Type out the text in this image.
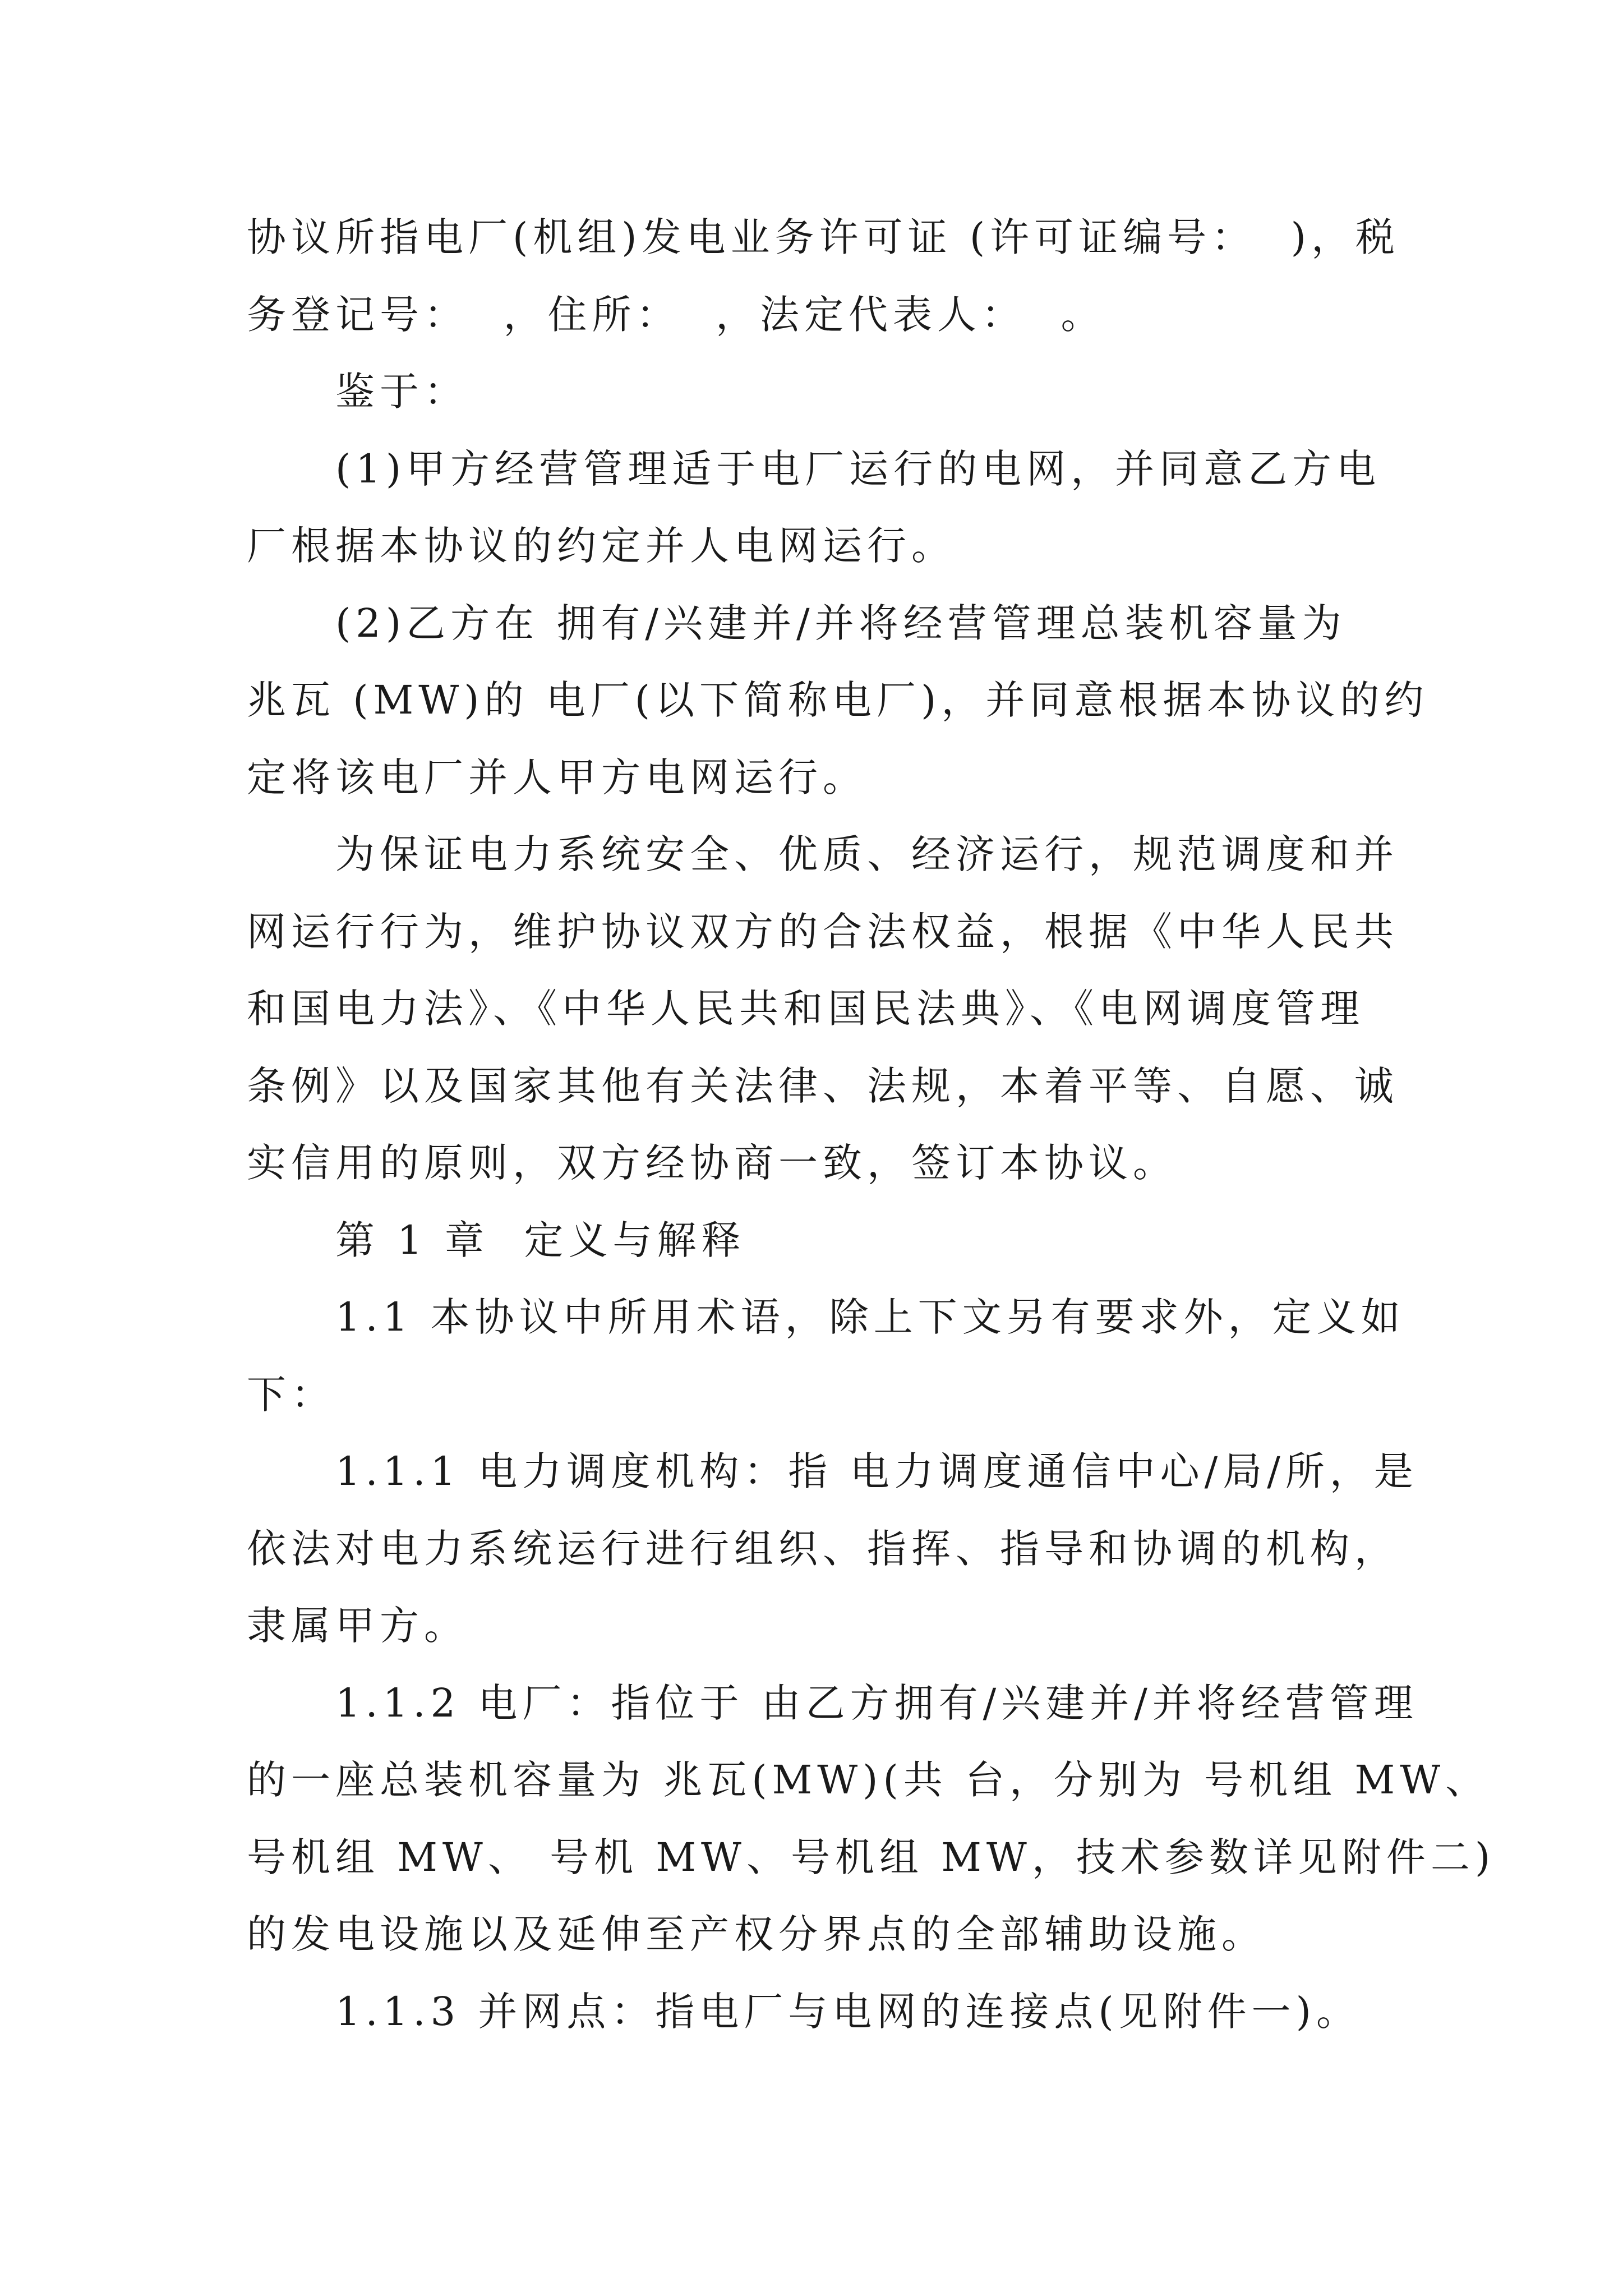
协议所指电厂(机组)发电业务许可证 (许可证编号：  )，税
务登记号：  ，住所：  ，法定代表人：  。
鉴于：
(1)甲方经营管理适于电厂运行的电网，并同意乙方电
厂根据本协议的约定并人电网运行。
(2)乙方在 拥有/兴建并/并将经营管理总装机容量为
兆瓦 (MW)的 电厂(以下简称电厂)，并同意根据本协议的约
定将该电厂并人甲方电网运行。
为保证电力系统安全、优质、经济运行，规范调度和并
网运行行为，维护协议双方的合法权益，根据《中华人民共
和国电力法》、《中华人民共和国民法典》、《电网调度管理
条例》以及国家其他有关法律、法规，本着平等、自愿、诚
实信用的原则，双方经协商一致，签订本协议。
第 1 章  定义与解释
1.1 本协议中所用术语，除上下文另有要求外，定义如
下：
1.1.1 电力调度机构：指 电力调度通信中心/局/所，是
依法对电力系统运行进行组织、指挥、指导和协调的机构，
隶属甲方。
1.1.2 电厂：指位于 由乙方拥有/兴建并/并将经营管理
的一座总装机容量为 兆瓦(MW)(共 台，分别为 号机组 MW、
号机组 MW、 号机 MW、号机组 MW，技术参数详见附件二)
的发电设施以及延伸至产权分界点的全部辅助设施。
1.1.3 并网点：指电厂与电网的连接点(见附件一)。
